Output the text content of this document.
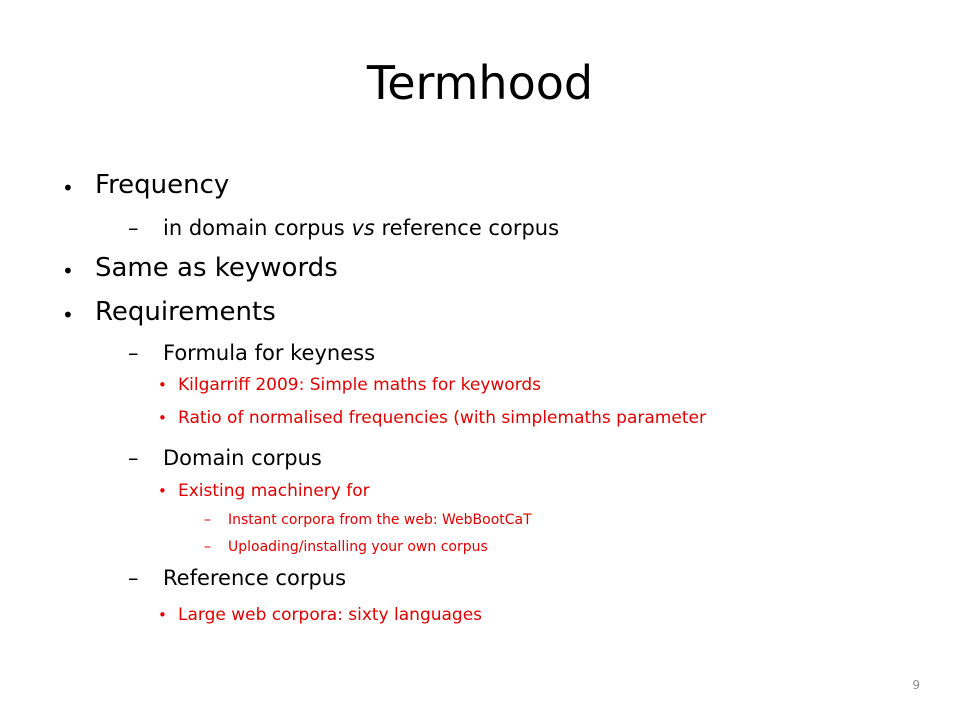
Termhood
• Frequency
– in domain corpus vs reference corpus
• Same as keywords
• Requirements
– Formula for keyness
• Kilgarriff 2009: Simple maths for keywords
• Ratio of normalised frequencies (with simplemaths parameter
– Domain corpus
• Existing machinery for
– Instant corpora from the web: WebBootCaT
– Uploading/installing your own corpus
– Reference corpus
• Large web corpora: sixty languages
9
